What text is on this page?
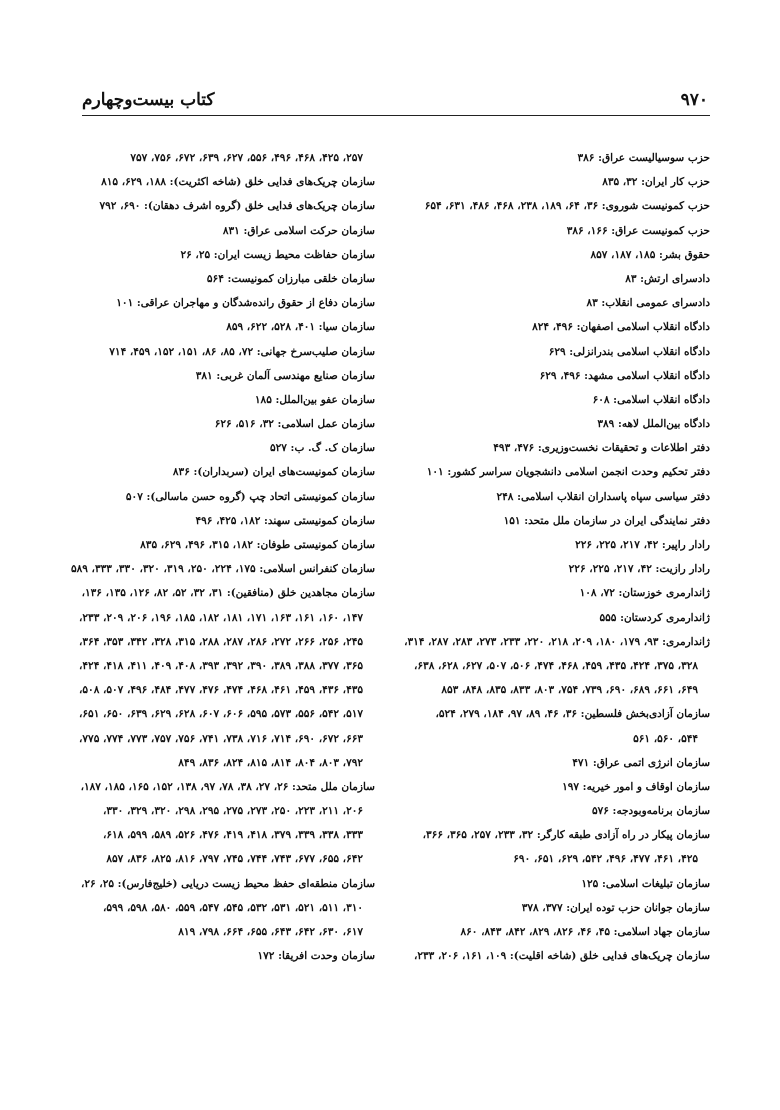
۹۷۰
کتاب بیست‌وچهارم
حزب سوسیالیست عراق: ۳۸۶
حزب کار ایران: ۳۲، ۸۳۵
حزب کمونیست شوروی: ۳۶، ۶۴، ۱۸۹، ۲۳۸، ۴۶۸، ۴۸۶، ۶۳۱، ۶۵۴
حزب کمونیست عراق: ۱۶۶، ۳۸۶
حقوق بشر: ۱۸۵، ۱۸۷، ۸۵۷
دادسرای ارتش: ۸۳
دادسرای عمومی انقلاب: ۸۳
دادگاه انقلاب اسلامی اصفهان: ۴۹۶، ۸۲۴
دادگاه انقلاب اسلامی بندرانزلی: ۶۲۹
دادگاه انقلاب اسلامی مشهد: ۴۹۶، ۶۲۹
دادگاه انقلاب اسلامی: ۶۰۸
دادگاه بین‌الملل لاهه: ۳۸۹
دفتر اطلاعات و تحقیقات نخست‌وزیری: ۴۷۶، ۴۹۳
دفتر تحکیم وحدت انجمن اسلامی دانشجویان سراسر کشور: ۱۰۱
دفتر سیاسی سپاه پاسداران انقلاب اسلامی: ۲۴۸
دفتر نمایندگی ایران در سازمان ملل متحد: ۱۵۱
رادار راپیر: ۴۲، ۲۱۷، ۲۲۵، ۲۲۶
رادار رازیت: ۴۲، ۲۱۷، ۲۲۵، ۲۲۶
ژاندارمری خوزستان: ۷۲، ۱۰۸
ژاندارمری کردستان: ۵۵۵
ژاندارمری: ۹۳، ۱۷۹، ۱۸۰، ۲۰۹، ۲۱۸، ۲۲۰، ۲۳۳، ۲۷۳، ۲۸۳، ۲۸۷، ۳۱۴،
۳۲۸، ۳۷۵، ۴۲۴، ۴۳۵، ۴۵۹، ۴۶۸، ۴۷۴، ۵۰۶، ۵۰۷، ۶۲۷، ۶۲۸، ۶۳۸،
۶۴۹، ۶۶۱، ۶۸۹، ۶۹۰، ۷۳۹، ۷۵۴، ۸۰۳، ۸۳۳، ۸۳۵، ۸۴۸، ۸۵۳
سازمان آزادی‌بخش فلسطین: ۳۶، ۴۶، ۸۹، ۹۷، ۱۸۴، ۲۷۹، ۵۲۴،
۵۴۴، ۵۶۰، ۵۶۱
سازمان انرژی اتمی عراق: ۴۷۱
سازمان اوقاف و امور خیریه: ۱۹۷
سازمان برنامه‌وبودجه: ۵۷۶
سازمان پیکار در راه آزادی طبقه کارگر: ۳۲، ۲۳۳، ۲۵۷، ۳۶۵، ۳۶۶،
۴۲۵، ۴۶۱، ۴۷۷، ۴۹۶، ۵۴۲، ۶۲۹، ۶۵۱، ۶۹۰
سازمان تبلیغات اسلامی: ۱۲۵
سازمان جوانان حزب توده ایران: ۳۷۷، ۳۷۸
سازمان جهاد اسلامی: ۴۵، ۴۶، ۸۲۶، ۸۲۹، ۸۴۲، ۸۴۳، ۸۶۰
سازمان چریک‌های فدایی خلق (شاخه اقلیت): ۱۰۹، ۱۶۱، ۲۰۶، ۲۳۳،
۲۵۷، ۴۲۵، ۴۶۸، ۴۹۶، ۵۵۶، ۶۲۷، ۶۳۹، ۶۷۲، ۷۵۶، ۷۵۷
سازمان چریک‌های فدایی خلق (شاخه اکثریت): ۱۸۸، ۶۲۹، ۸۱۵
سازمان چریک‌های فدایی خلق (گروه اشرف دهقان): ۶۹۰، ۷۹۲
سازمان حرکت اسلامی عراق: ۸۳۱
سازمان حفاظت محیط زیست ایران: ۲۵، ۲۶
سازمان خلقی مبارزان کمونیست: ۵۶۴
سازمان دفاع از حقوق رانده‌شدگان و مهاجران عراقی: ۱۰۱
سازمان سیا: ۴۰۱، ۵۲۸، ۶۲۲، ۸۵۹
سازمان صلیب‌سرخ جهانی: ۷۲، ۸۵، ۸۶، ۱۵۱، ۱۵۲، ۴۵۹، ۷۱۴
سازمان صنایع مهندسی آلمان غربی: ۳۸۱
سازمان عفو بین‌الملل: ۱۸۵
سازمان عمل اسلامی: ۳۲، ۵۱۶، ۶۲۶
سازمان ک. گ. ب: ۵۲۷
سازمان کمونیست‌های ایران (سربداران): ۸۳۶
سازمان کمونیستی اتحاد چپ (گروه حسن ماسالی): ۵۰۷
سازمان کمونیستی سهند: ۱۸۲، ۴۲۵، ۴۹۶
سازمان کمونیستی طوفان: ۱۸۲، ۳۱۵، ۴۹۶، ۶۲۹، ۸۳۵
سازمان کنفرانس اسلامی: ۱۷۵، ۲۲۴، ۲۵۰، ۳۱۹، ۳۲۰، ۳۳۰، ۳۳۳، ۵۸۹
سازمان مجاهدین خلق (منافقین): ۳۱، ۳۲، ۵۲، ۸۲، ۱۲۶، ۱۳۵، ۱۳۶،
۱۴۷، ۱۶۰، ۱۶۱، ۱۶۳، ۱۷۱، ۱۸۱، ۱۸۲، ۱۸۵، ۱۹۶، ۲۰۶، ۲۰۹، ۲۳۳،
۲۴۵، ۲۵۶، ۲۶۶، ۲۷۲، ۲۸۶، ۲۸۷، ۲۸۸، ۳۱۵، ۳۲۸، ۳۴۲، ۳۵۳، ۳۶۴،
۳۶۵، ۳۷۷، ۳۸۸، ۳۸۹، ۳۹۰، ۳۹۲، ۳۹۳، ۴۰۸، ۴۰۹، ۴۱۱، ۴۱۸، ۴۲۴،
۴۳۵، ۴۳۶، ۴۵۹، ۴۶۱، ۴۶۸، ۴۷۴، ۴۷۶، ۴۷۷، ۴۸۴، ۴۹۶، ۵۰۷، ۵۰۸،
۵۱۷، ۵۴۲، ۵۵۶، ۵۷۳، ۵۹۵، ۶۰۶، ۶۰۷، ۶۲۸، ۶۲۹، ۶۳۹، ۶۵۰، ۶۵۱،
۶۶۳، ۶۷۲، ۶۹۰، ۷۱۴، ۷۱۶، ۷۳۸، ۷۴۱، ۷۵۶، ۷۵۷، ۷۷۳، ۷۷۴، ۷۷۵،
۷۹۲، ۸۰۳، ۸۰۴، ۸۱۴، ۸۱۵، ۸۲۴، ۸۳۶، ۸۴۹
سازمان ملل متحد: ۲۶، ۲۷، ۳۸، ۷۸، ۹۷، ۱۳۸، ۱۵۲، ۱۶۵، ۱۸۵، ۱۸۷،
۲۰۶، ۲۱۱، ۲۲۳، ۲۵۰، ۲۷۳، ۲۷۵، ۲۹۵، ۲۹۸، ۳۲۰، ۳۲۹، ۳۳۰،
۳۳۳، ۳۳۸، ۳۳۹، ۳۷۹، ۴۱۸، ۴۱۹، ۴۷۶، ۵۲۶، ۵۸۹، ۵۹۹، ۶۱۸،
۶۴۲، ۶۵۵، ۶۷۷، ۷۴۳، ۷۴۴، ۷۴۵، ۷۹۷، ۸۱۶، ۸۲۵، ۸۳۶، ۸۵۷
سازمان منطقه‌ای حفظ محیط زیست دریایی (خلیج‌فارس): ۲۵، ۲۶،
۳۱۰، ۵۱۱، ۵۲۱، ۵۳۱، ۵۳۲، ۵۴۵، ۵۴۷، ۵۵۹، ۵۸۰، ۵۹۸، ۵۹۹،
۶۱۷، ۶۳۰، ۶۴۲، ۶۴۳، ۶۵۵، ۶۶۴، ۷۹۸، ۸۱۹
سازمان وحدت افریقا: ۱۷۲
